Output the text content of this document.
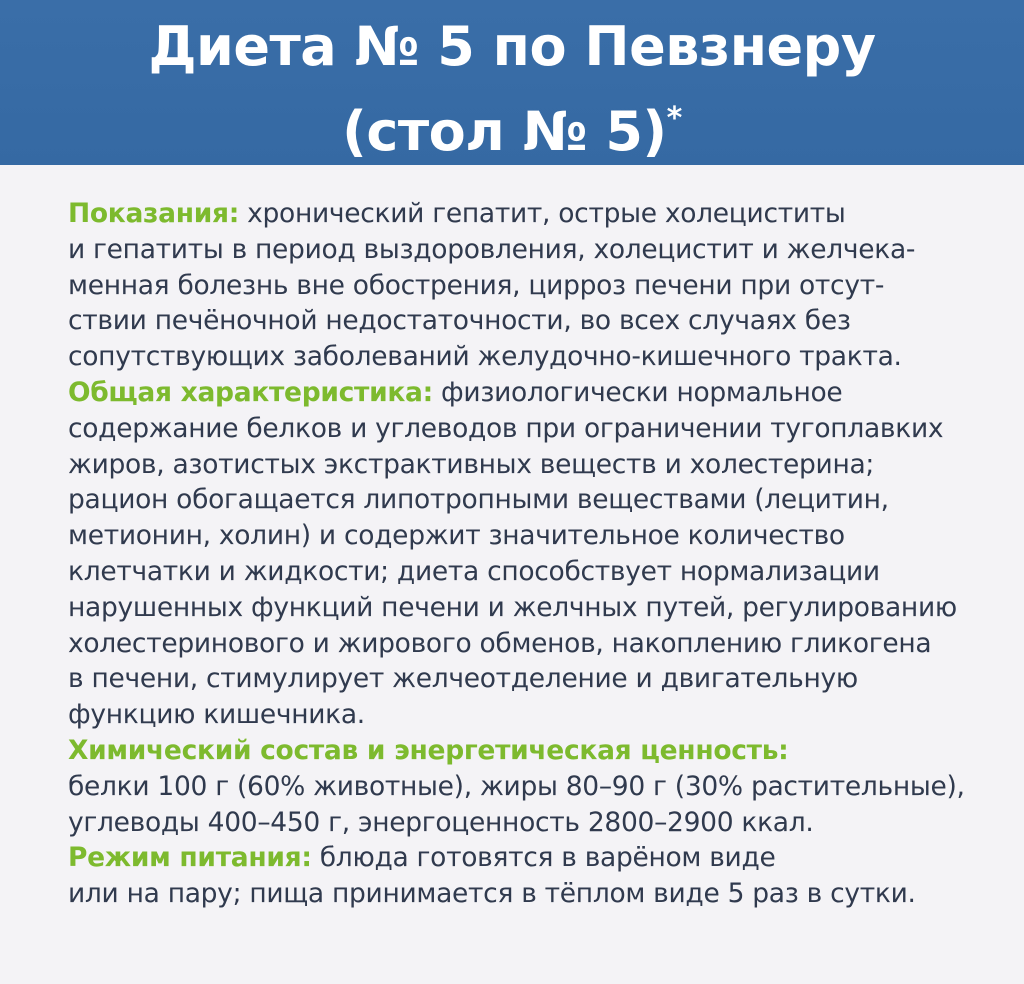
Диета № 5 по Певзнеру
(стол № 5)*
Показания: хронический гепатит, острые холециститы
и гепатиты в период выздоровления, холецистит и желчека-
менная болезнь вне обострения, цирроз печени при отсут-
ствии печёночной недостаточности, во всех случаях без
сопутствующих заболеваний желудочно-кишечного тракта.
Общая характеристика: физиологически нормальное
содержание белков и углеводов при ограничении тугоплавких
жиров, азотистых экстрактивных веществ и холестерина;
рацион обогащается липотропными веществами (лецитин,
метионин, холин) и содержит значительное количество
клетчатки и жидкости; диета способствует нормализации
нарушенных функций печени и желчных путей, регулированию
холестеринового и жирового обменов, накоплению гликогена
в печени, стимулирует желчеотделение и двигательную
функцию кишечника.
Химический состав и энергетическая ценность:
белки 100 г (60% животные), жиры 80–90 г (30% растительные),
углеводы 400–450 г, энергоценность 2800–2900 ккал.
Режим питания: блюда готовятся в варёном виде
или на пару; пища принимается в тёплом виде 5 раз в сутки.
